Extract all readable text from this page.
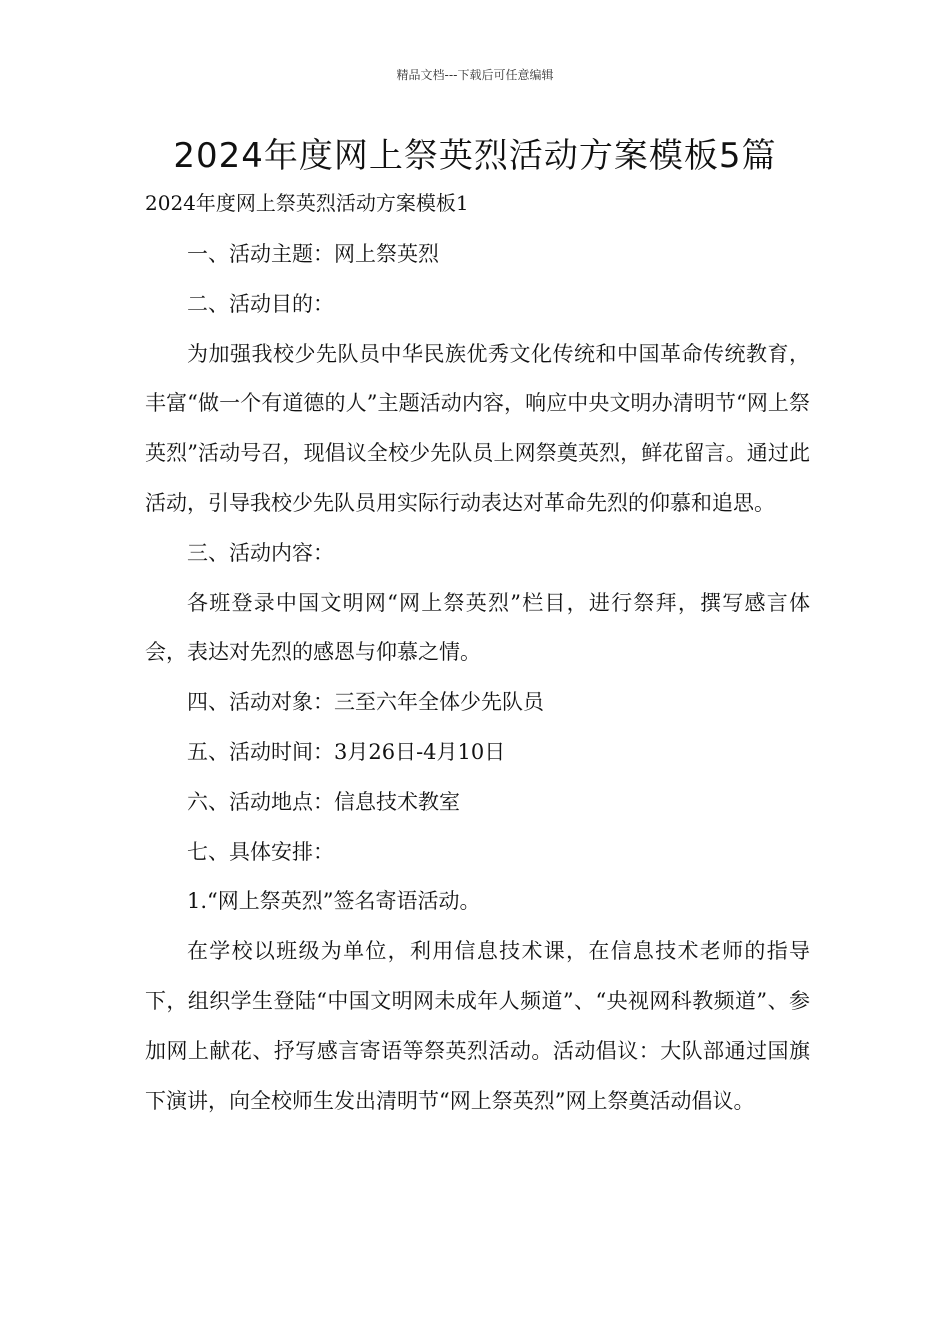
精品文档---下载后可任意编辑
2024年度网上祭英烈活动方案模板5篇
2024年度网上祭英烈活动方案模板1

一、活动主题：网上祭英烈

二、活动目的：

为加强我校少先队员中华民族优秀文化传统和中国革命传统教育，丰富“做一个有道德的人”主题活动内容，响应中央文明办清明节“网上祭英烈”活动号召，现倡议全校少先队员上网祭奠英烈，鲜花留言。通过此活动，引导我校少先队员用实际行动表达对革命先烈的仰慕和追思。

三、活动内容：

各班登录中国文明网“网上祭英烈”栏目，进行祭拜，撰写感言体会，表达对先烈的感恩与仰慕之情。

四、活动对象：三至六年全体少先队员

五、活动时间：3月26日-4月10日

六、活动地点：信息技术教室

七、具体安排：

1.“网上祭英烈”签名寄语活动。

在学校以班级为单位，利用信息技术课，在信息技术老师的指导下，组织学生登陆“中国文明网未成年人频道”、“央视网科教频道”、参加网上献花、抒写感言寄语等祭英烈活动。活动倡议：大队部通过国旗下演讲，向全校师生发出清明节“网上祭英烈”网上祭奠活动倡议。
